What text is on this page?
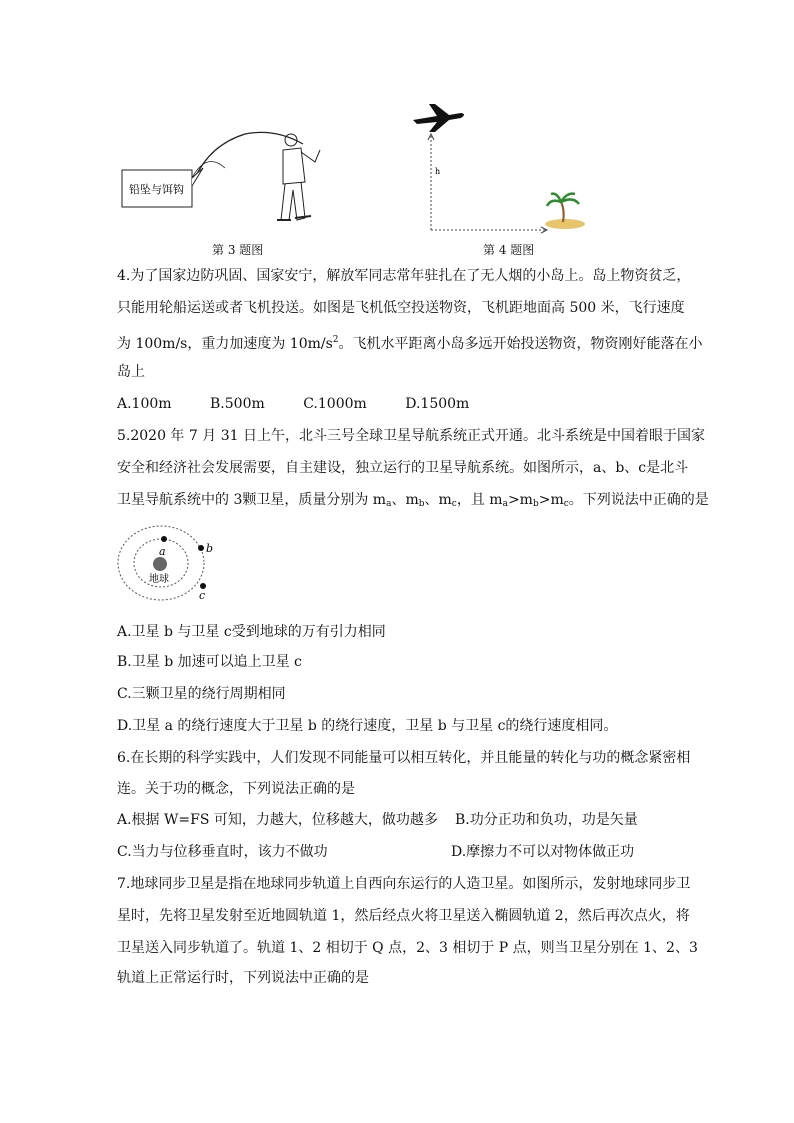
铅坠与饵钩
第 3 题图
h
第 4 题图
4.为了国家边防巩固、国家安宁，解放军同志常年驻扎在了无人烟的小岛上。岛上物资贫乏，
只能用轮船运送或者飞机投送。如图是飞机低空投送物资，飞机距地面高 500 米，飞行速度
为 100m/s，重力加速度为 $10m/s^2$。飞机水平距离小岛多远开始投送物资，物资刚好能落在小
岛上
A.100m	B.500m	C.1000m	D.1500m
5.2020 年 7 月 31 日上午，北斗三号全球卫星导航系统正式开通。北斗系统是中国着眼于国家
安全和经济社会发展需要，自主建设，独立运行的卫星导航系统。如图所示，a、b、c是北斗
卫星导航系统中的 3颗卫星，质量分别为 $m_a$、$m_b$、$m_c$，且 $m_a>m_b>m_c$。下列说法中正确的是
地球
a	b
c
A.卫星 b 与卫星 c受到地球的万有引力相同
B.卫星 b 加速可以追上卫星 c
C.三颗卫星的绕行周期相同
D.卫星 a 的绕行速度大于卫星 b 的绕行速度，卫星 b 与卫星 c的绕行速度相同。
6.在长期的科学实践中，人们发现不同能量可以相互转化，并且能量的转化与功的概念紧密相
连。关于功的概念，下列说法正确的是
A.根据 W=FS 可知，力越大，位移越大，做功越多 B.功分正功和负功，功是矢量
C.当力与位移垂直时，该力不做功	D.摩擦力不可以对物体做正功
7.地球同步卫星是指在地球同步轨道上自西向东运行的人造卫星。如图所示，发射地球同步卫
星时，先将卫星发射至近地圆轨道 1，然后经点火将卫星送入椭圆轨道 2，然后再次点火，将
卫星送入同步轨道了。轨道 1、2 相切于 Q 点，2、3 相切于 P 点，则当卫星分别在 1、2、3
轨道上正常运行时，下列说法中正确的是
